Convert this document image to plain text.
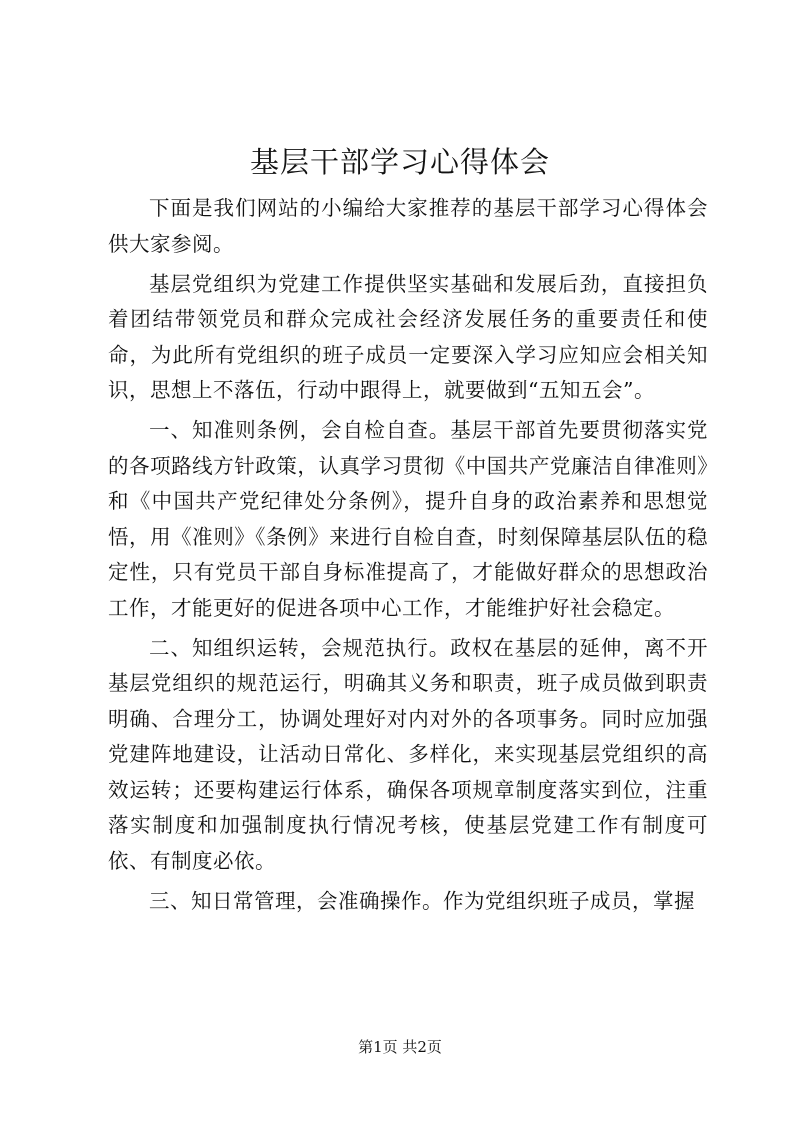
基层干部学习心得体会

下面是我们网站的小编给大家推荐的基层干部学习心得体会供大家参阅。

基层党组织为党建工作提供坚实基础和发展后劲，直接担负着团结带领党员和群众完成社会经济发展任务的重要责任和使命，为此所有党组织的班子成员一定要深入学习应知应会相关知识，思想上不落伍，行动中跟得上，就要做到“五知五会”。

一、知准则条例，会自检自查。基层干部首先要贯彻落实党的各项路线方针政策，认真学习贯彻《中国共产党廉洁自律准则》和《中国共产党纪律处分条例》，提升自身的政治素养和思想觉悟，用《准则》《条例》来进行自检自查，时刻保障基层队伍的稳定性，只有党员干部自身标准提高了，才能做好群众的思想政治工作，才能更好的促进各项中心工作，才能维护好社会稳定。

二、知组织运转，会规范执行。政权在基层的延伸，离不开基层党组织的规范运行，明确其义务和职责，班子成员做到职责明确、合理分工，协调处理好对内对外的各项事务。同时应加强党建阵地建设，让活动日常化、多样化，来实现基层党组织的高效运转；还要构建运行体系，确保各项规章制度落实到位，注重落实制度和加强制度执行情况考核，使基层党建工作有制度可依、有制度必依。

三、知日常管理，会准确操作。作为党组织班子成员，掌握

第1页 共2页
